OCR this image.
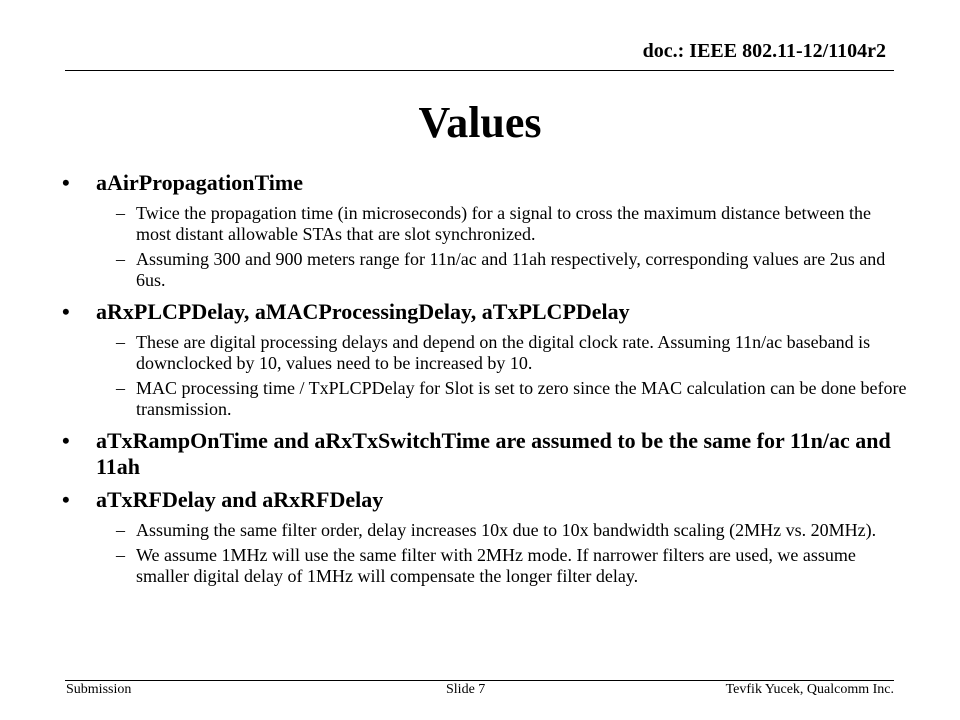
doc.: IEEE 802.11-12/1104r2
Values
• aAirPropagationTime
– Twice the propagation time (in microseconds) for a signal to cross the maximum distance between the most distant allowable STAs that are slot synchronized.
– Assuming 300 and 900 meters range for 11n/ac and 11ah respectively, corresponding values are 2us and 6us.
• aRxPLCPDelay, aMACProcessingDelay, aTxPLCPDelay
– These are digital processing delays and depend on the digital clock rate. Assuming 11n/ac baseband is downclocked by 10, values need to be increased by 10.
– MAC processing time / TxPLCPDelay for Slot is set to zero since the MAC calculation can be done before transmission.
• aTxRampOnTime and aRxTxSwitchTime are assumed to be the same for 11n/ac and 11ah
• aTxRFDelay and aRxRFDelay
– Assuming the same filter order, delay increases 10x due to 10x bandwidth scaling (2MHz vs. 20MHz).
– We assume 1MHz will use the same filter with 2MHz mode. If narrower filters are used, we assume smaller digital delay of 1MHz will compensate the longer filter delay.
Submission	Slide 7	Tevfik Yucek, Qualcomm Inc.
